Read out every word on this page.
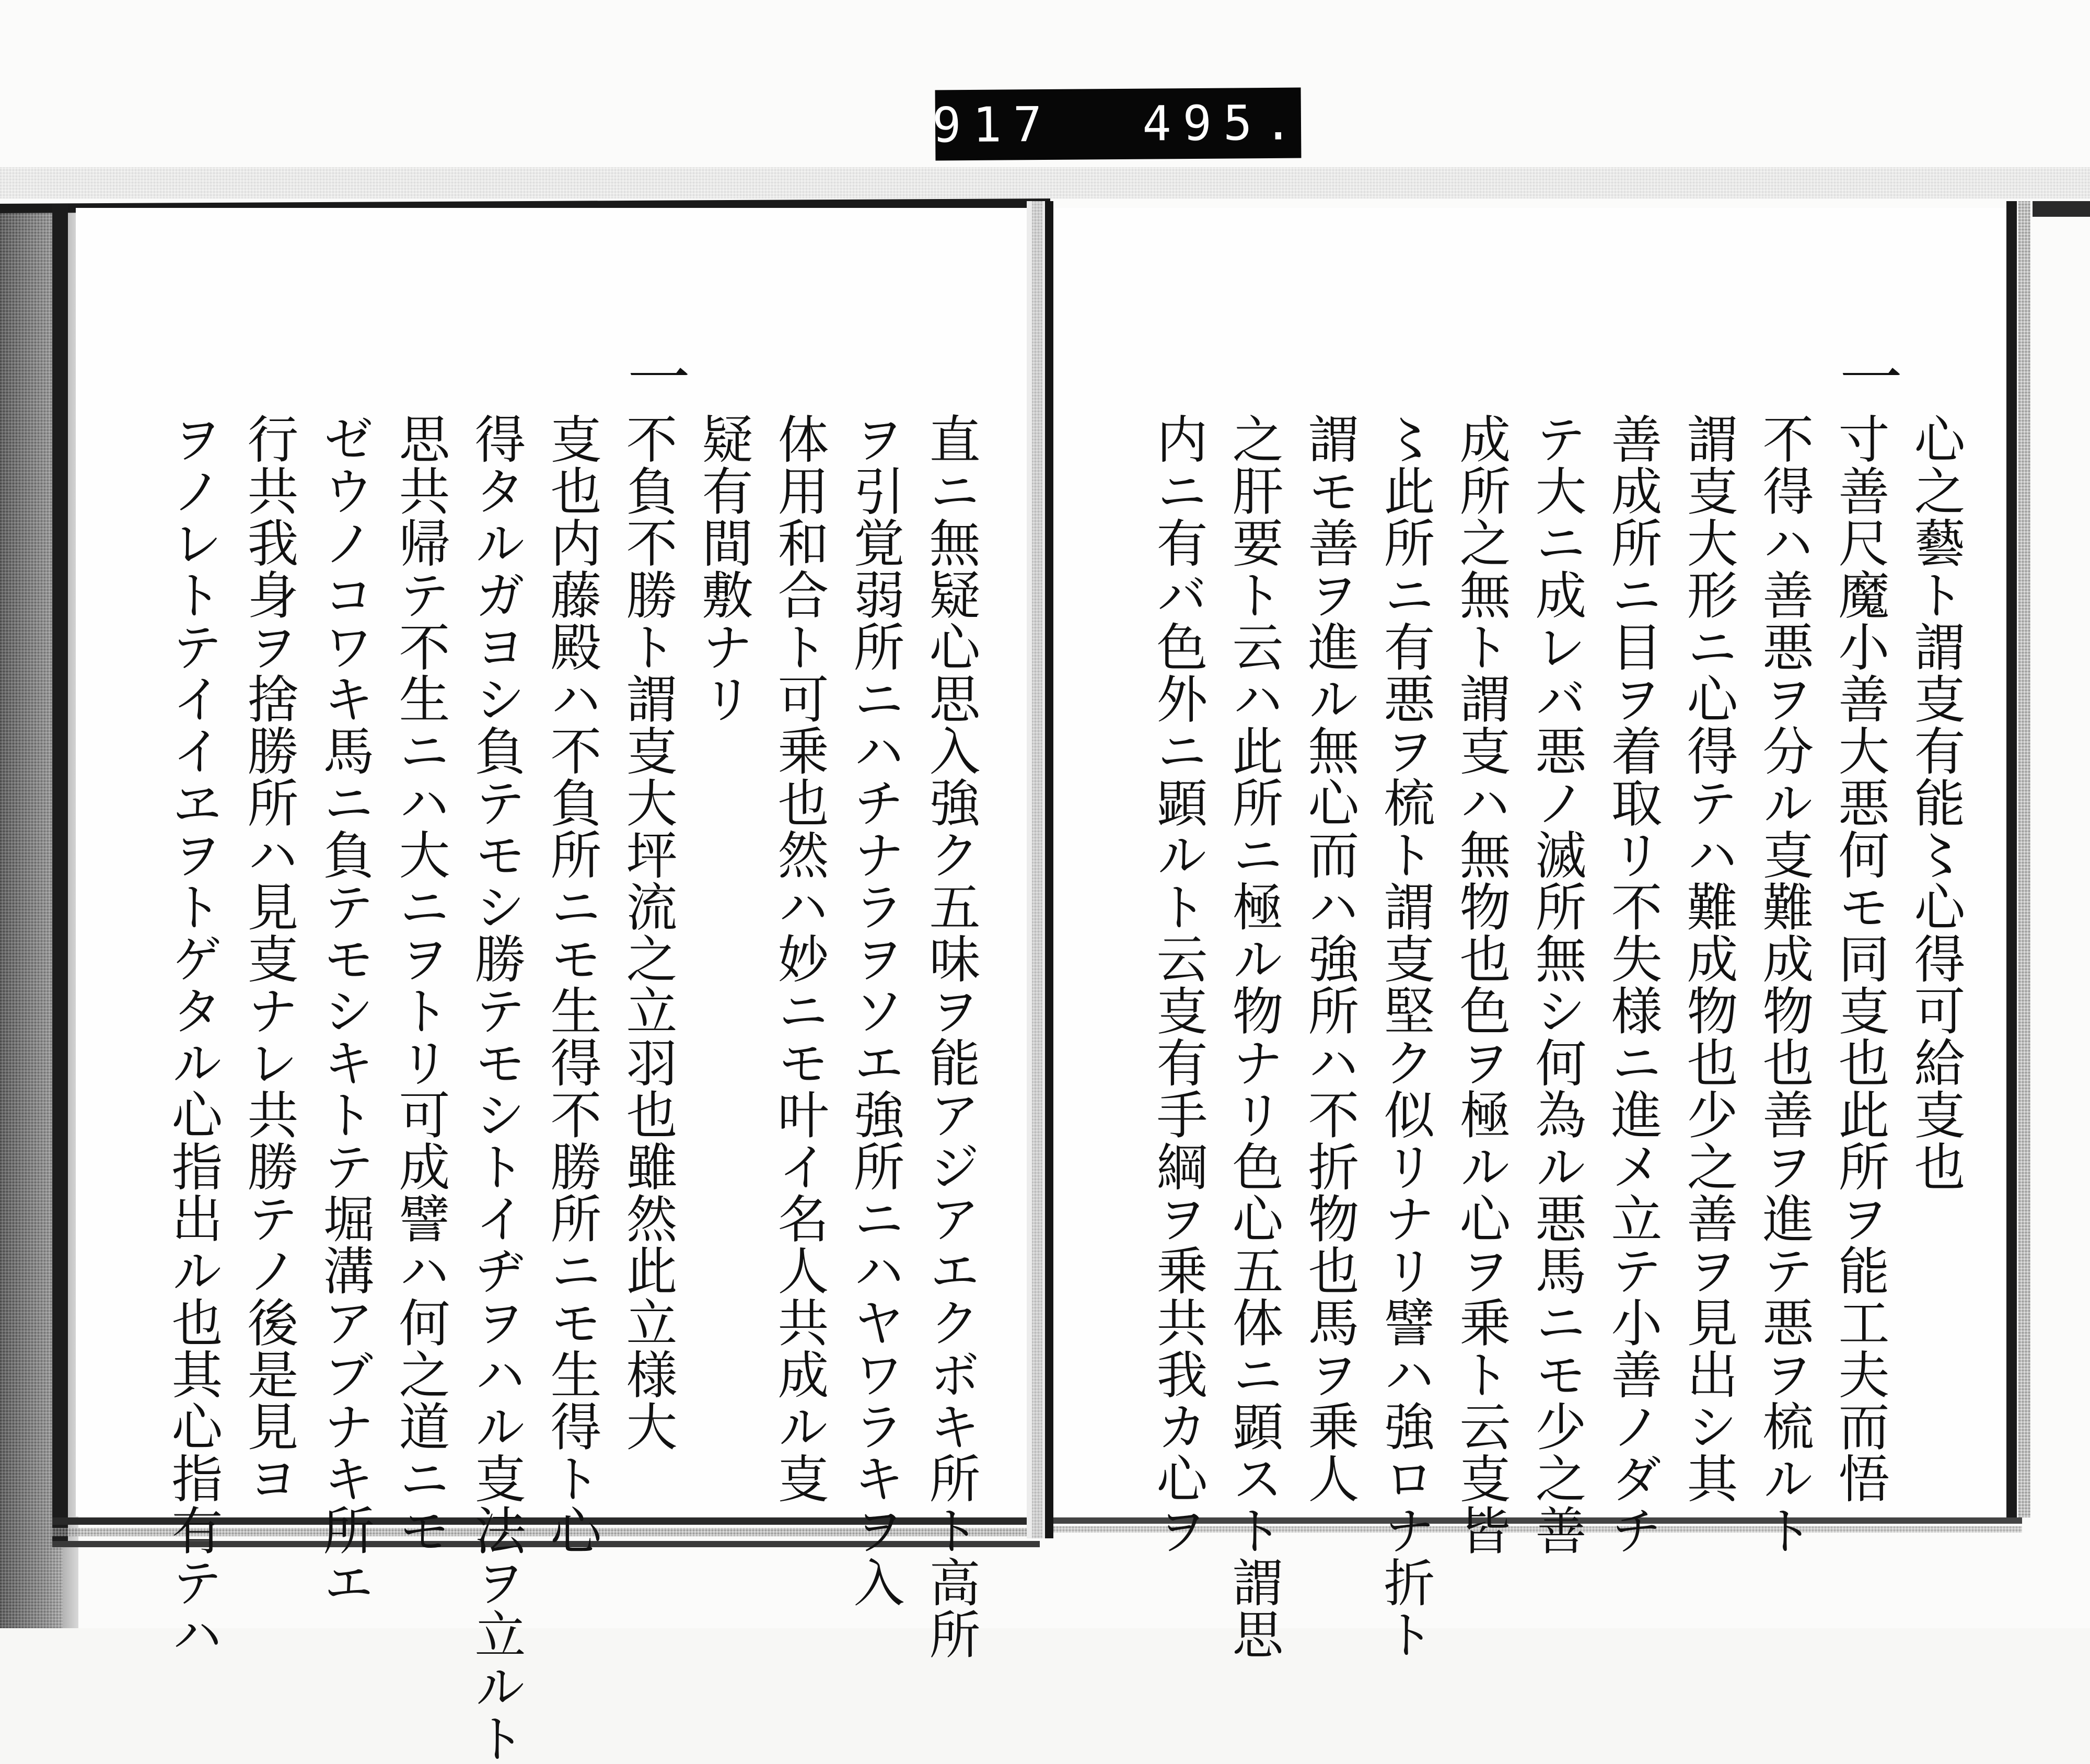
917 495.
心之藝ト謂㕝有能〻心得可給㕝也
一
寸善尺魔小善大悪何モ同㕝也此所ヲ能工夫而悟
不得ハ善悪ヲ分ル㕝難成物也善ヲ進テ悪ヲ梳ルト
謂㕝大形ニ心得テハ難成物也少之善ヲ見出シ其
善成所ニ目ヲ着取リ不失様ニ進メ立テ小善ノダチ
テ大ニ成レバ悪ノ滅所無シ何為ル悪馬ニモ少之善
成所之無ト謂㕝ハ無物也色ヲ極ル心ヲ乗ト云㕝皆
〻此所ニ有悪ヲ梳ト謂㕝堅ク似リナリ譬ハ強ロナ折ト
謂モ善ヲ進ル無心而ハ強所ハ不折物也馬ヲ乗人
之肝要ト云ハ此所ニ極ル物ナリ色心五体ニ顕スト謂思
内ニ有バ色外ニ顕ルト云㕝有手綱ヲ乗共我カ心ヲ
直ニ無疑心思入強ク五味ヲ能アジアエクボキ所ト高所
ヲ引覚弱所ニハチナラヲソエ強所ニハヤワラキヲ入
体用和合ト可乗也然ハ妙ニモ叶イ名人共成ル㕝
疑有間敷ナリ
一
不負不勝ト謂㕝大坪流之立羽也雖然此立様大
㕝也内藤殿ハ不負所ニモ生得不勝所ニモ生得ト心
得タルガヨシ負テモシ勝テモシトイヂヲハル㕝法ヲ立ルト
思共帰テ不生ニハ大ニヲトリ可成譬ハ何之道ニモ
ゼウノコワキ馬ニ負テモシキトテ堀溝アブナキ所エ
行共我身ヲ捨勝所ハ見㕝ナレ共勝テノ後是見ヨ
ヲノレトテイイヱヲトゲタル心指出ル也其心指有テハ
